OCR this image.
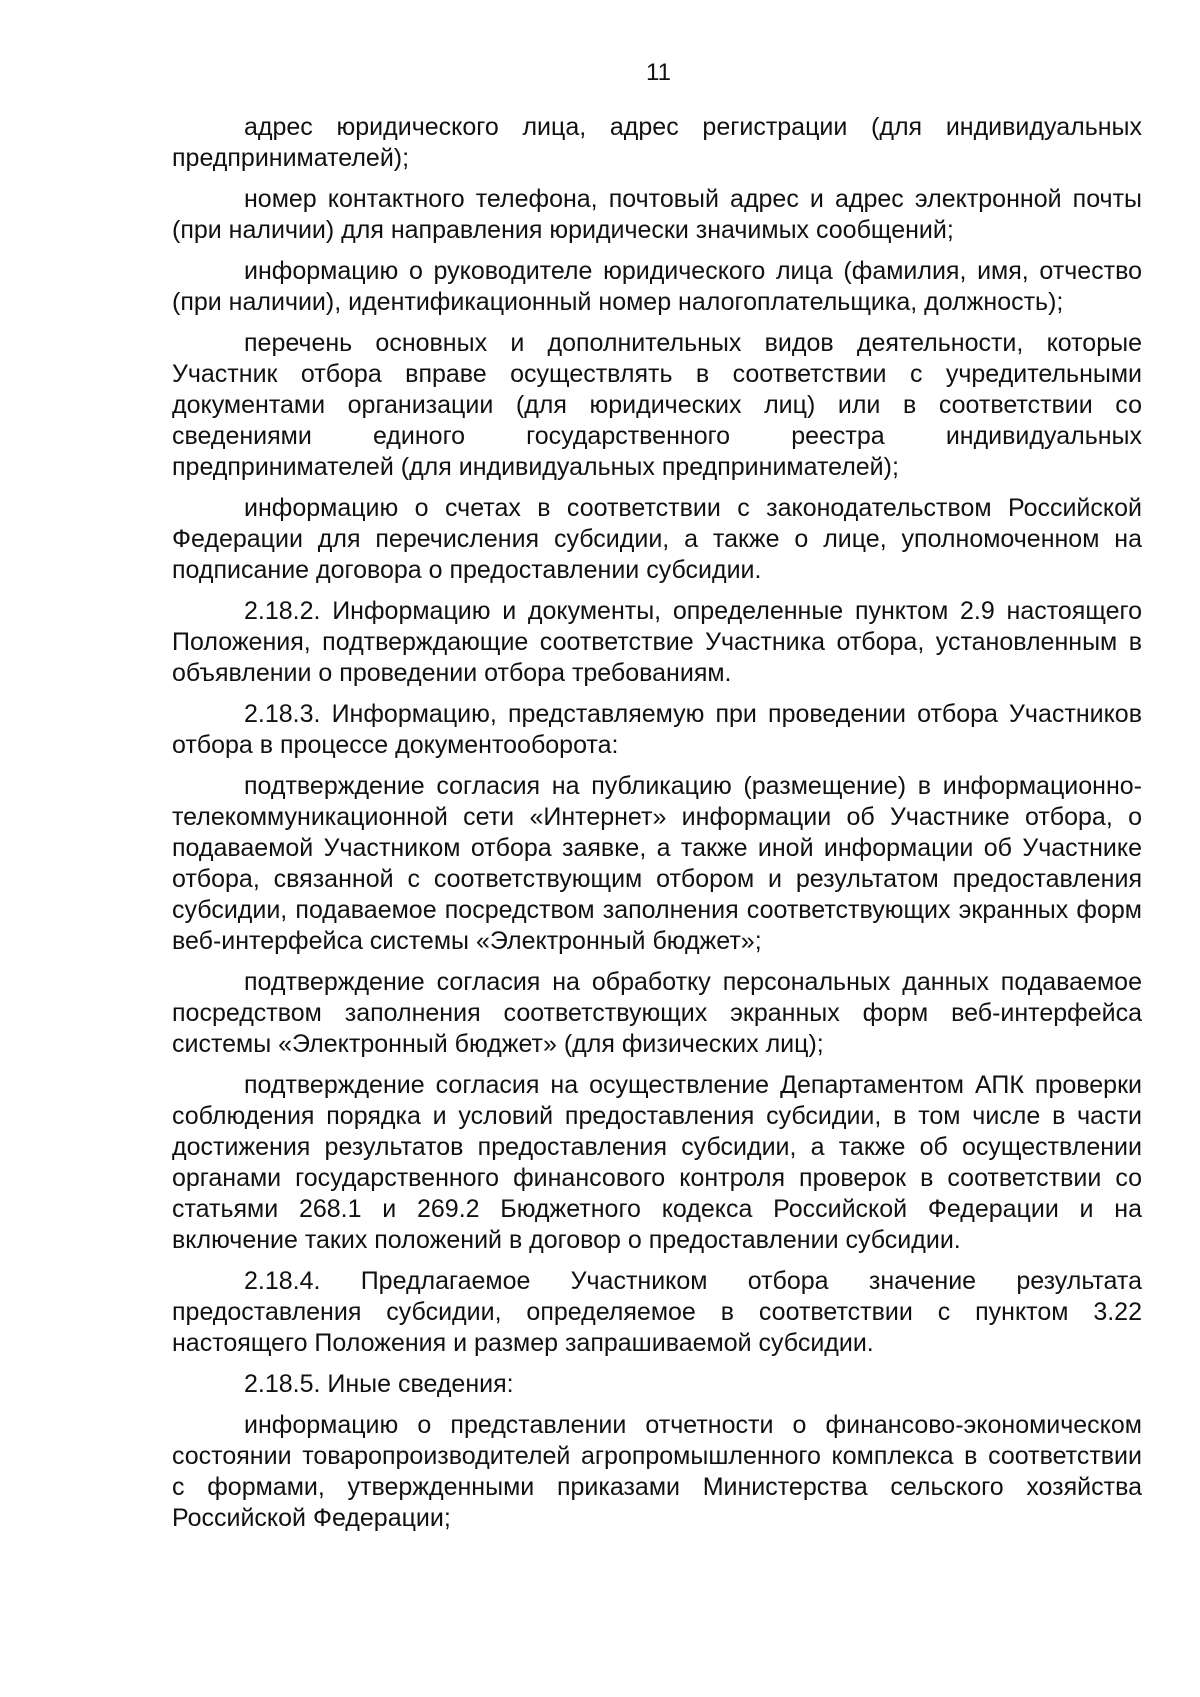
11

адрес юридического лица, адрес регистрации (для индивидуальных предпринимателей);

номер контактного телефона, почтовый адрес и адрес электронной почты (при наличии) для направления юридически значимых сообщений;

информацию о руководителе юридического лица (фамилия, имя, отчество (при наличии), идентификационный номер налогоплательщика, должность);

перечень основных и дополнительных видов деятельности, которые Участник отбора вправе осуществлять в соответствии с учредительными документами организации (для юридических лиц) или в соответствии со сведениями единого государственного реестра индивидуальных предпринимателей (для индивидуальных предпринимателей);

информацию о счетах в соответствии с законодательством Российской Федерации для перечисления субсидии, а также о лице, уполномоченном на подписание договора о предоставлении субсидии.

2.18.2. Информацию и документы, определенные пунктом 2.9 настоящего Положения, подтверждающие соответствие Участника отбора, установленным в объявлении о проведении отбора требованиям.

2.18.3. Информацию, представляемую при проведении отбора Участников отбора в процессе документооборота:

подтверждение согласия на публикацию (размещение) в информационно-телекоммуникационной сети «Интернет» информации об Участнике отбора, о подаваемой Участником отбора заявке, а также иной информации об Участнике отбора, связанной с соответствующим отбором и результатом предоставления субсидии, подаваемое посредством заполнения соответствующих экранных форм веб-интерфейса системы «Электронный бюджет»;

подтверждение согласия на обработку персональных данных подаваемое посредством заполнения соответствующих экранных форм веб-интерфейса системы «Электронный бюджет» (для физических лиц);

подтверждение согласия на осуществление Департаментом АПК проверки соблюдения порядка и условий предоставления субсидии, в том числе в части достижения результатов предоставления субсидии, а также об осуществлении органами государственного финансового контроля проверок в соответствии со статьями 268.1 и 269.2 Бюджетного кодекса Российской Федерации и на включение таких положений в договор о предоставлении субсидии.

2.18.4. Предлагаемое Участником отбора значение результата предоставления субсидии, определяемое в соответствии с пунктом 3.22 настоящего Положения и размер запрашиваемой субсидии.

2.18.5. Иные сведения:

информацию о представлении отчетности о финансово-экономическом состоянии товаропроизводителей агропромышленного комплекса в соответствии с формами, утвержденными приказами Министерства сельского хозяйства Российской Федерации;
